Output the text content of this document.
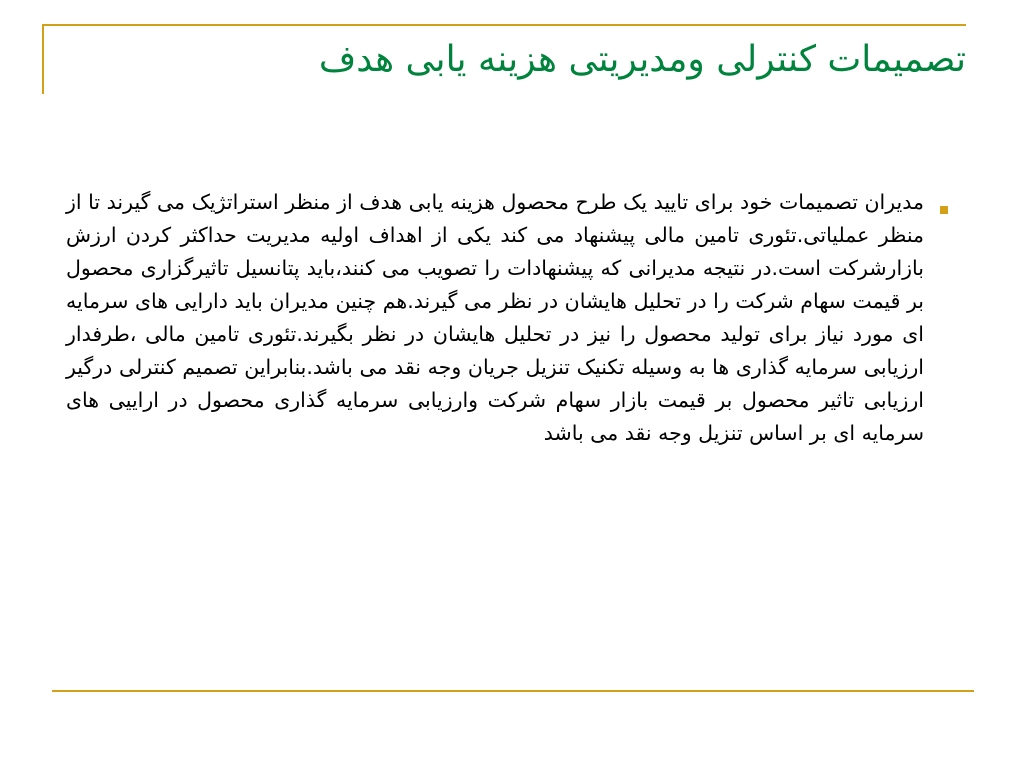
تصمیمات کنترلی ومدیریتی هزینه یابی هدف

مدیران تصمیمات خود برای تایید یک طرح محصول هزینه یابی هدف از منظر استراتژیک می گیرند تا از منظر عملیاتی.تئوری تامین مالی پیشنهاد می کند یکی از اهداف اولیه مدیریت حداکثر کردن ارزش بازارشرکت است.در نتیجه مدیرانی که پیشنهادات را تصویب می کنند،باید پتانسیل تاثیرگزاری محصول بر قیمت سهام شرکت را در تحلیل هایشان در نظر می گیرند.هم چنین مدیران باید دارایی های سرمایه ای مورد نیاز برای تولید محصول را نیز در تحلیل هایشان در نظر بگیرند.تئوری تامین مالی ،طرفدار ارزیابی سرمایه گذاری ها به وسیله تکنیک تنزیل جریان وجه نقد می باشد.بنابراین تصمیم کنترلی درگیر ارزیابی تاثیر محصول بر قیمت بازار سهام شرکت وارزیابی سرمایه گذاری محصول در اراییی های سرمایه ای بر اساس تنزیل وجه نقد می باشد
